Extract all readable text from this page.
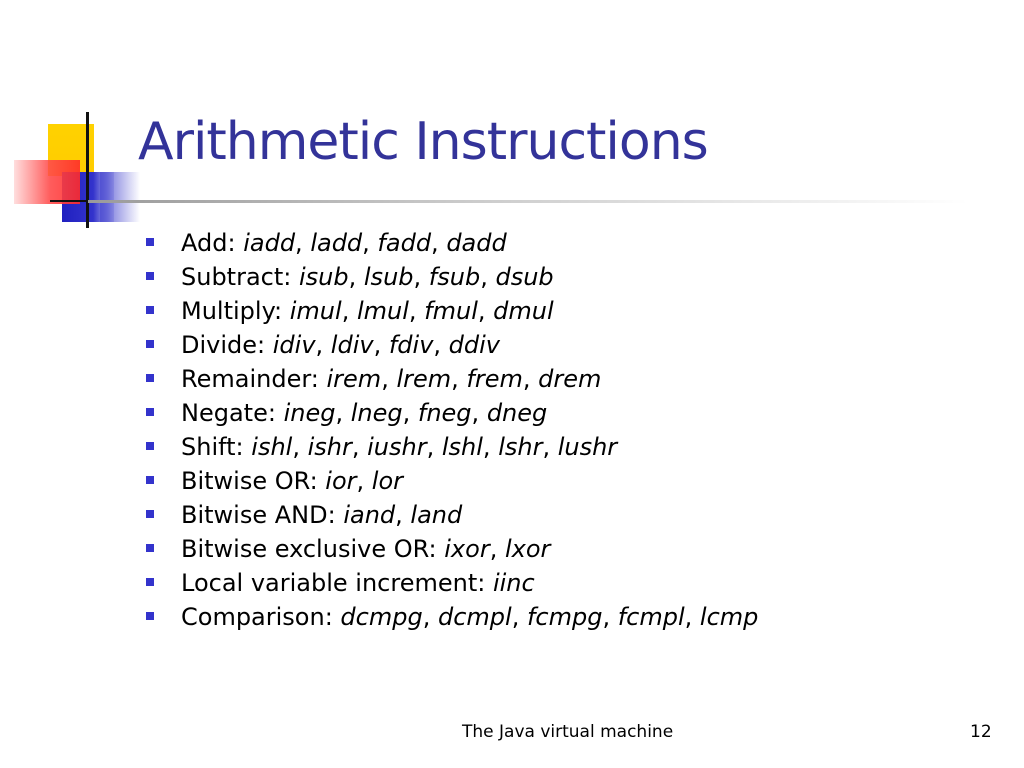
Arithmetic Instructions
Add: iadd, ladd, fadd, dadd
Subtract: isub, lsub, fsub, dsub
Multiply: imul, lmul, fmul, dmul
Divide: idiv, ldiv, fdiv, ddiv
Remainder: irem, lrem, frem, drem
Negate: ineg, lneg, fneg, dneg
Shift: ishl, ishr, iushr, lshl, lshr, lushr
Bitwise OR: ior, lor
Bitwise AND: iand, land
Bitwise exclusive OR: ixor, lxor
Local variable increment: iinc
Comparison: dcmpg, dcmpl, fcmpg, fcmpl, lcmp
The Java virtual machine	12
